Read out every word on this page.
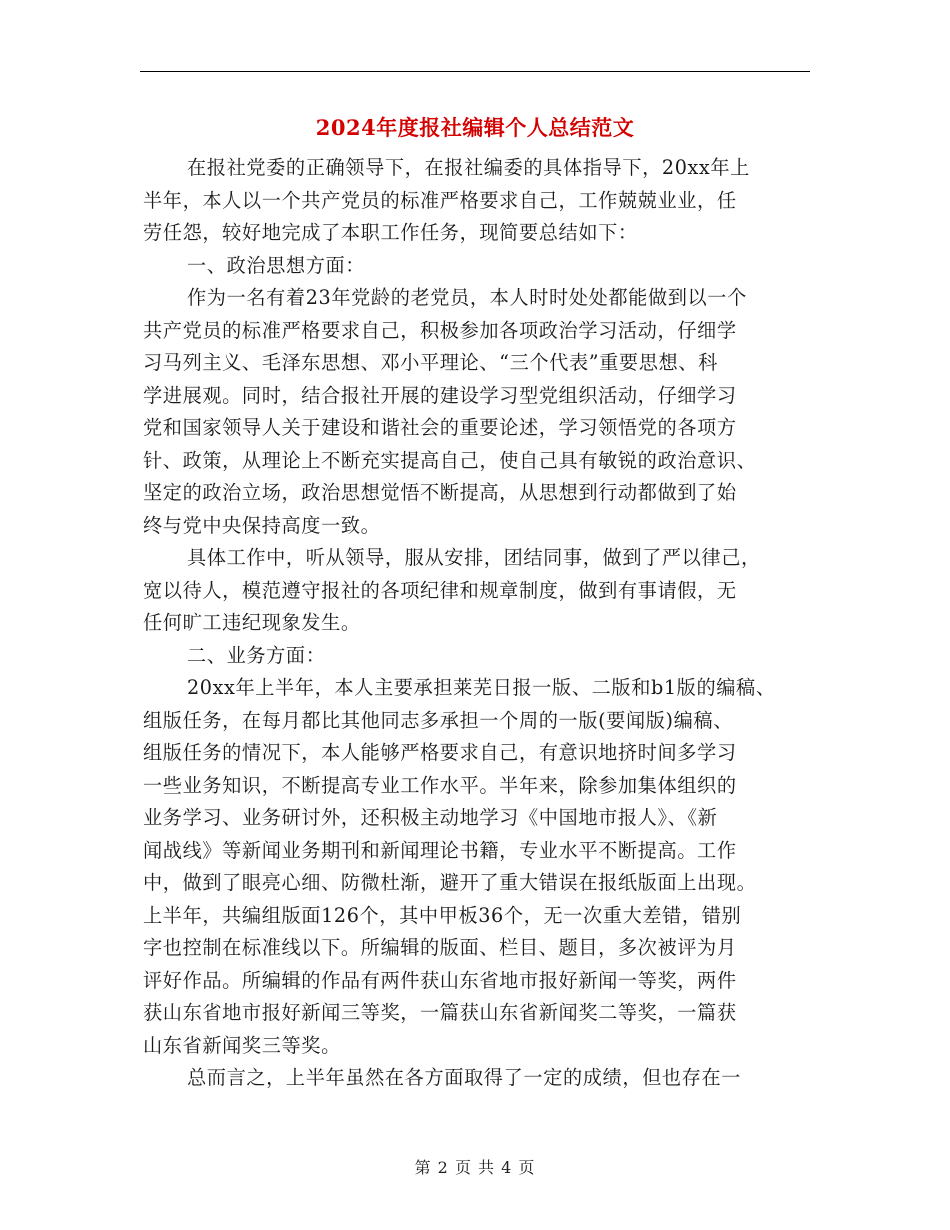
2024年度报社编辑个人总结范文
在报社党委的正确领导下，在报社编委的具体指导下，20xx年上
半年，本人以一个共产党员的标准严格要求自己，工作兢兢业业，任
劳任怨，较好地完成了本职工作任务，现简要总结如下：
一、政治思想方面：
作为一名有着23年党龄的老党员，本人时时处处都能做到以一个
共产党员的标准严格要求自己，积极参加各项政治学习活动，仔细学
习马列主义、毛泽东思想、邓小平理论、“三个代表”重要思想、科
学进展观。同时，结合报社开展的建设学习型党组织活动，仔细学习
党和国家领导人关于建设和谐社会的重要论述，学习领悟党的各项方
针、政策，从理论上不断充实提高自己，使自己具有敏锐的政治意识、
坚定的政治立场，政治思想觉悟不断提高，从思想到行动都做到了始
终与党中央保持高度一致。
具体工作中，听从领导，服从安排，团结同事，做到了严以律己，
宽以待人，模范遵守报社的各项纪律和规章制度，做到有事请假，无
任何旷工违纪现象发生。
二、业务方面：
20xx年上半年，本人主要承担莱芜日报一版、二版和b1版的编稿、
组版任务，在每月都比其他同志多承担一个周的一版(要闻版)编稿、
组版任务的情况下，本人能够严格要求自己，有意识地挤时间多学习
一些业务知识，不断提高专业工作水平。半年来，除参加集体组织的
业务学习、业务研讨外，还积极主动地学习《中国地市报人》、《新
闻战线》等新闻业务期刊和新闻理论书籍，专业水平不断提高。工作
中，做到了眼亮心细、防微杜渐，避开了重大错误在报纸版面上出现。
上半年，共编组版面126个，其中甲板36个，无一次重大差错，错别
字也控制在标准线以下。所编辑的版面、栏目、题目，多次被评为月
评好作品。所编辑的作品有两件获山东省地市报好新闻一等奖，两件
获山东省地市报好新闻三等奖，一篇获山东省新闻奖二等奖，一篇获
山东省新闻奖三等奖。
总而言之，上半年虽然在各方面取得了一定的成绩，但也存在一
第 2 页 共 4 页
